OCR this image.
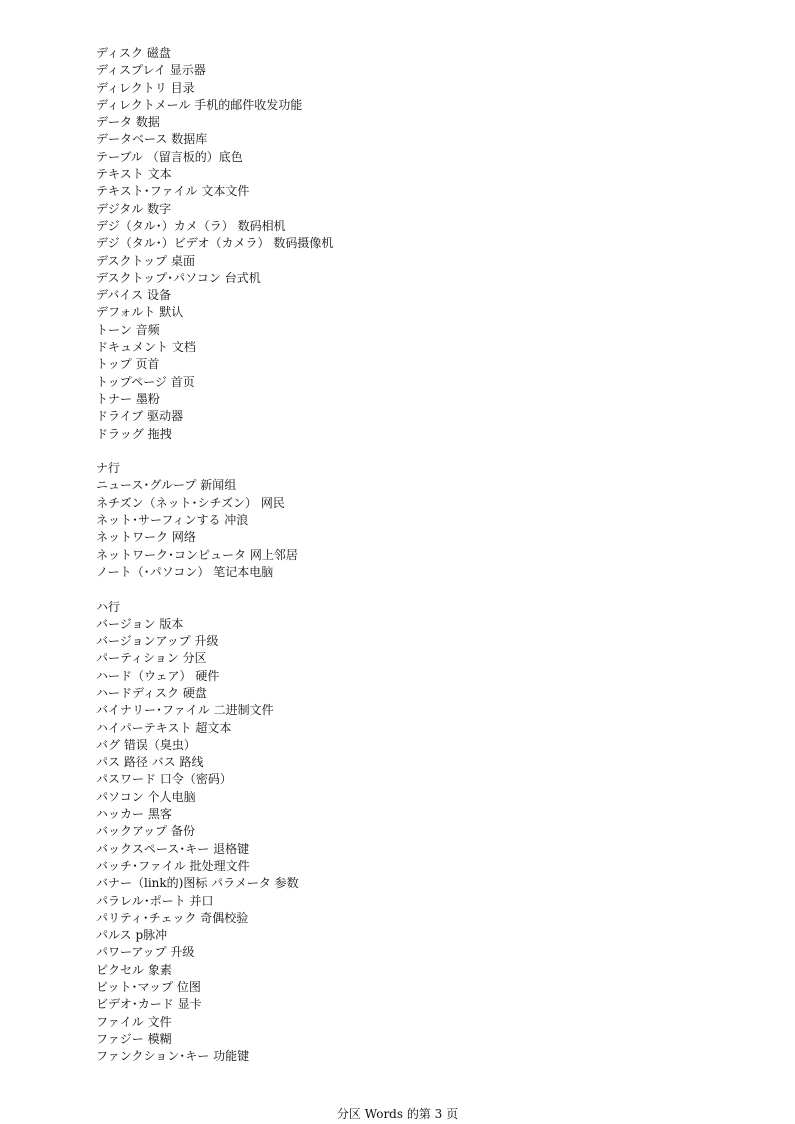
ディスク 磁盘
ディスプレイ 显示器
ディレクトリ 目录
ディレクトメール 手机的邮件收发功能
データ 数据
データベース 数据库
テーブル （留言板的）底色
テキスト 文本
テキスト･ファイル 文本文件
デジタル 数字
デジ（タル･）カメ（ラ） 数码相机
デジ（タル･）ビデオ（カメラ） 数码摄像机
デスクトップ 桌面
デスクトップ･パソコン 台式机
デバイス 设备
デフォルト 默认
トーン 音频
ドキュメント 文档
トップ 页首
トップページ 首页
トナー 墨粉
ドライブ 驱动器
ドラッグ 拖拽
ナ行
ニュース･グループ 新闻组
ネチズン（ネット･シチズン） 网民
ネット･サーフィンする 冲浪
ネットワーク 网络
ネットワーク･コンピュータ 网上邻居
ノート（･パソコン） 笔记本电脑
ハ行
バージョン 版本
バージョンアップ 升级
パーティション 分区
ハード（ウェア） 硬件
ハードディスク 硬盘
バイナリー･ファイル 二进制文件
ハイパーテキスト 超文本
バグ 错误（臭虫）
パス 路径 バス 路线
パスワード 口令（密码）
パソコン 个人电脑
ハッカー 黑客
バックアップ 备份
バックスペース･キー 退格键
バッチ･ファイル 批处理文件
バナー（link的)图标 パラメータ 参数
パラレル･ポート 并口
パリティ･チェック 奇偶校验
パルス p脉冲
パワーアップ 升级
ピクセル 象素
ビット･マップ 位图
ビデオ･カード 显卡
ファイル 文件
ファジー 模糊
ファンクション･キー 功能键
分区 Words 的第 3 页
